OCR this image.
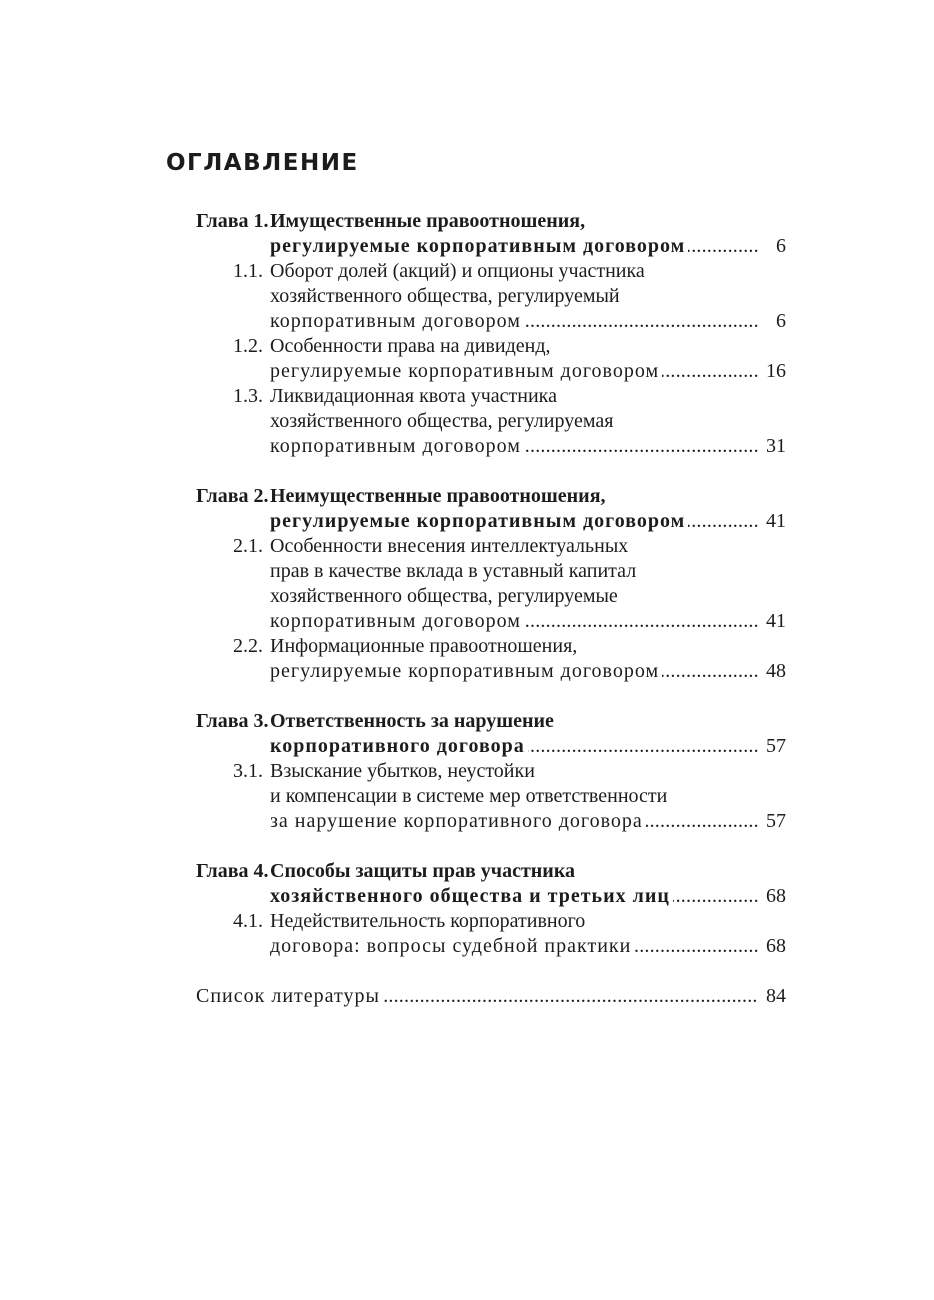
ОГЛАВЛЕНИЕ
Глава 1. Имущественные правоотношения,
регулируемые корпоративным договором . . .	6
1.1. Оборот долей (акций) и опционы участника
хозяйственного общества, регулируемый
корпоративным договором . . .	6
1.2. Особенности права на дивиденд,
регулируемые корпоративным договором . . .	16
1.3. Ликвидационная квота участника
хозяйственного общества, регулируемая
корпоративным договором . . .	31
Глава 2. Неимущественные правоотношения,
регулируемые корпоративным договором . . .	41
2.1. Особенности внесения интеллектуальных
прав в качестве вклада в уставный капитал
хозяйственного общества, регулируемые
корпоративным договором . . .	41
2.2. Информационные правоотношения,
регулируемые корпоративным договором . . .	48
Глава 3. Ответственность за нарушение
корпоративного договора . . .	57
3.1. Взыскание убытков, неустойки
и компенсации в системе мер ответственности
за нарушение корпоративного договора . . .	57
Глава 4. Способы защиты прав участника
хозяйственного общества и третьих лиц . . .	68
4.1. Недействительность корпоративного
договора: вопросы судебной практики . . .	68
Список литературы . . .	84
